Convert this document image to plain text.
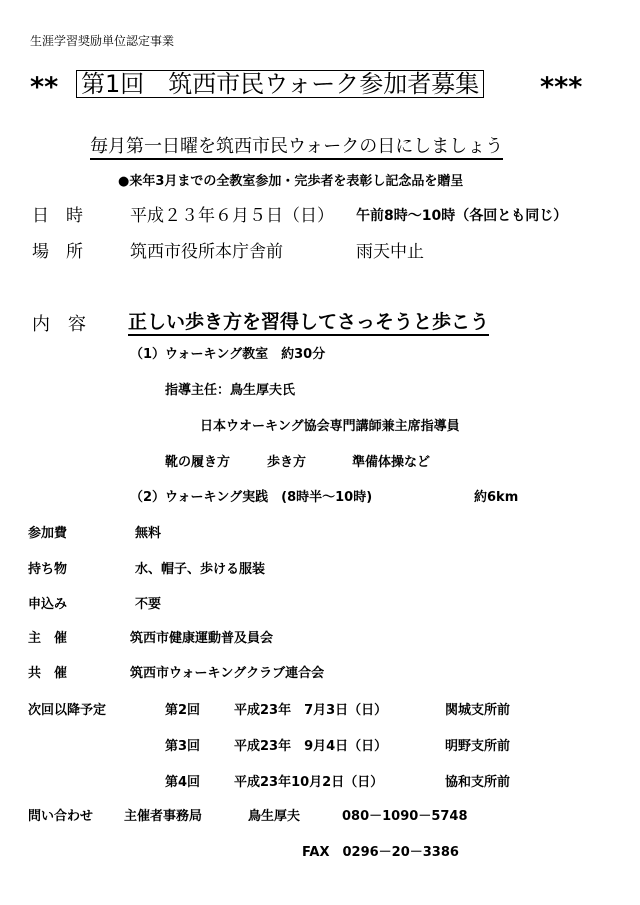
生涯学習奨励単位認定事業
** 第1回　筑西市民ウォーク参加者募集 ***
毎月第一日曜を筑西市民ウォークの日にしましょう
●来年3月までの全教室参加・完歩者を表彰し記念品を贈呈
日　時	平成２３年６月５日（日） 午前8時～10時（各回とも同じ）
場　所	筑西市役所本庁舎前	雨天中止
内　容 正しい歩き方を習得してさっそうと歩こう
（1）ウォーキング教室　約30分
指導主任：鳥生厚夫氏
日本ウオーキング協会専門講師兼主席指導員
靴の履き方	歩き方	準備体操など
（2）ウォーキング実践　(8時半～10時)	約6km
参加費	無料
持ち物	水、帽子、歩ける服装
申込み	不要
主　催	筑西市健康運動普及員会
共　催	筑西市ウォーキングクラブ連合会
次回以降予定	第2回	平成23年　7月3日（日）	関城支所前
第3回	平成23年　9月4日（日）	明野支所前
第4回	平成23年10月2日（日）	協和支所前
問い合わせ 主催者事務局	鳥生厚夫	080－1090－5748
FAX　0296－20－3386
